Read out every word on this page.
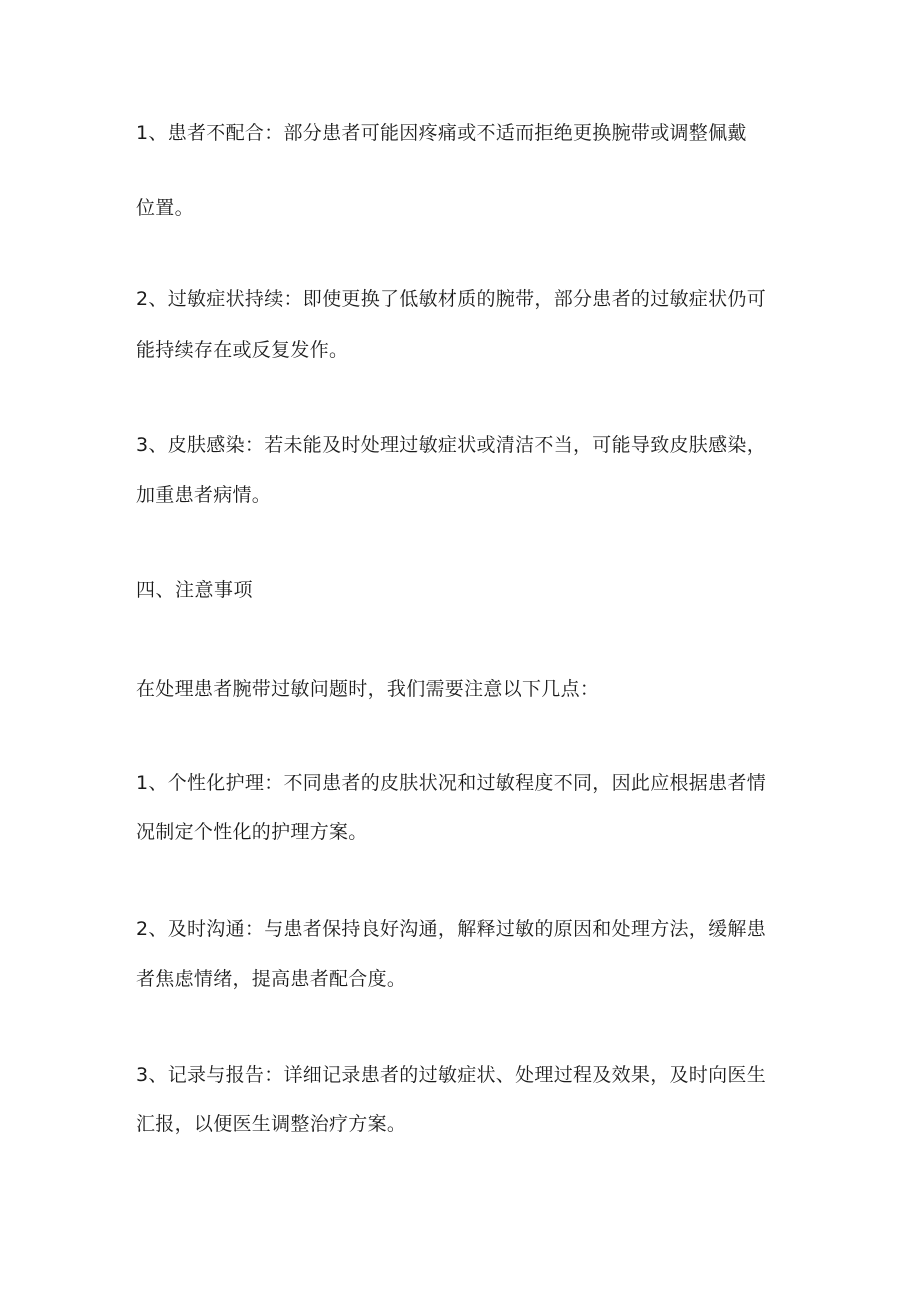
1、患者不配合：部分患者可能因疼痛或不适而拒绝更换腕带或调整佩戴
位置。
2、过敏症状持续：即使更换了低敏材质的腕带，部分患者的过敏症状仍可
能持续存在或反复发作。
3、皮肤感染：若未能及时处理过敏症状或清洁不当，可能导致皮肤感染，
加重患者病情。
四、注意事项
在处理患者腕带过敏问题时，我们需要注意以下几点：
1、个性化护理：不同患者的皮肤状况和过敏程度不同，因此应根据患者情
况制定个性化的护理方案。
2、及时沟通：与患者保持良好沟通，解释过敏的原因和处理方法，缓解患
者焦虑情绪，提高患者配合度。
3、记录与报告：详细记录患者的过敏症状、处理过程及效果，及时向医生
汇报，以便医生调整治疗方案。
